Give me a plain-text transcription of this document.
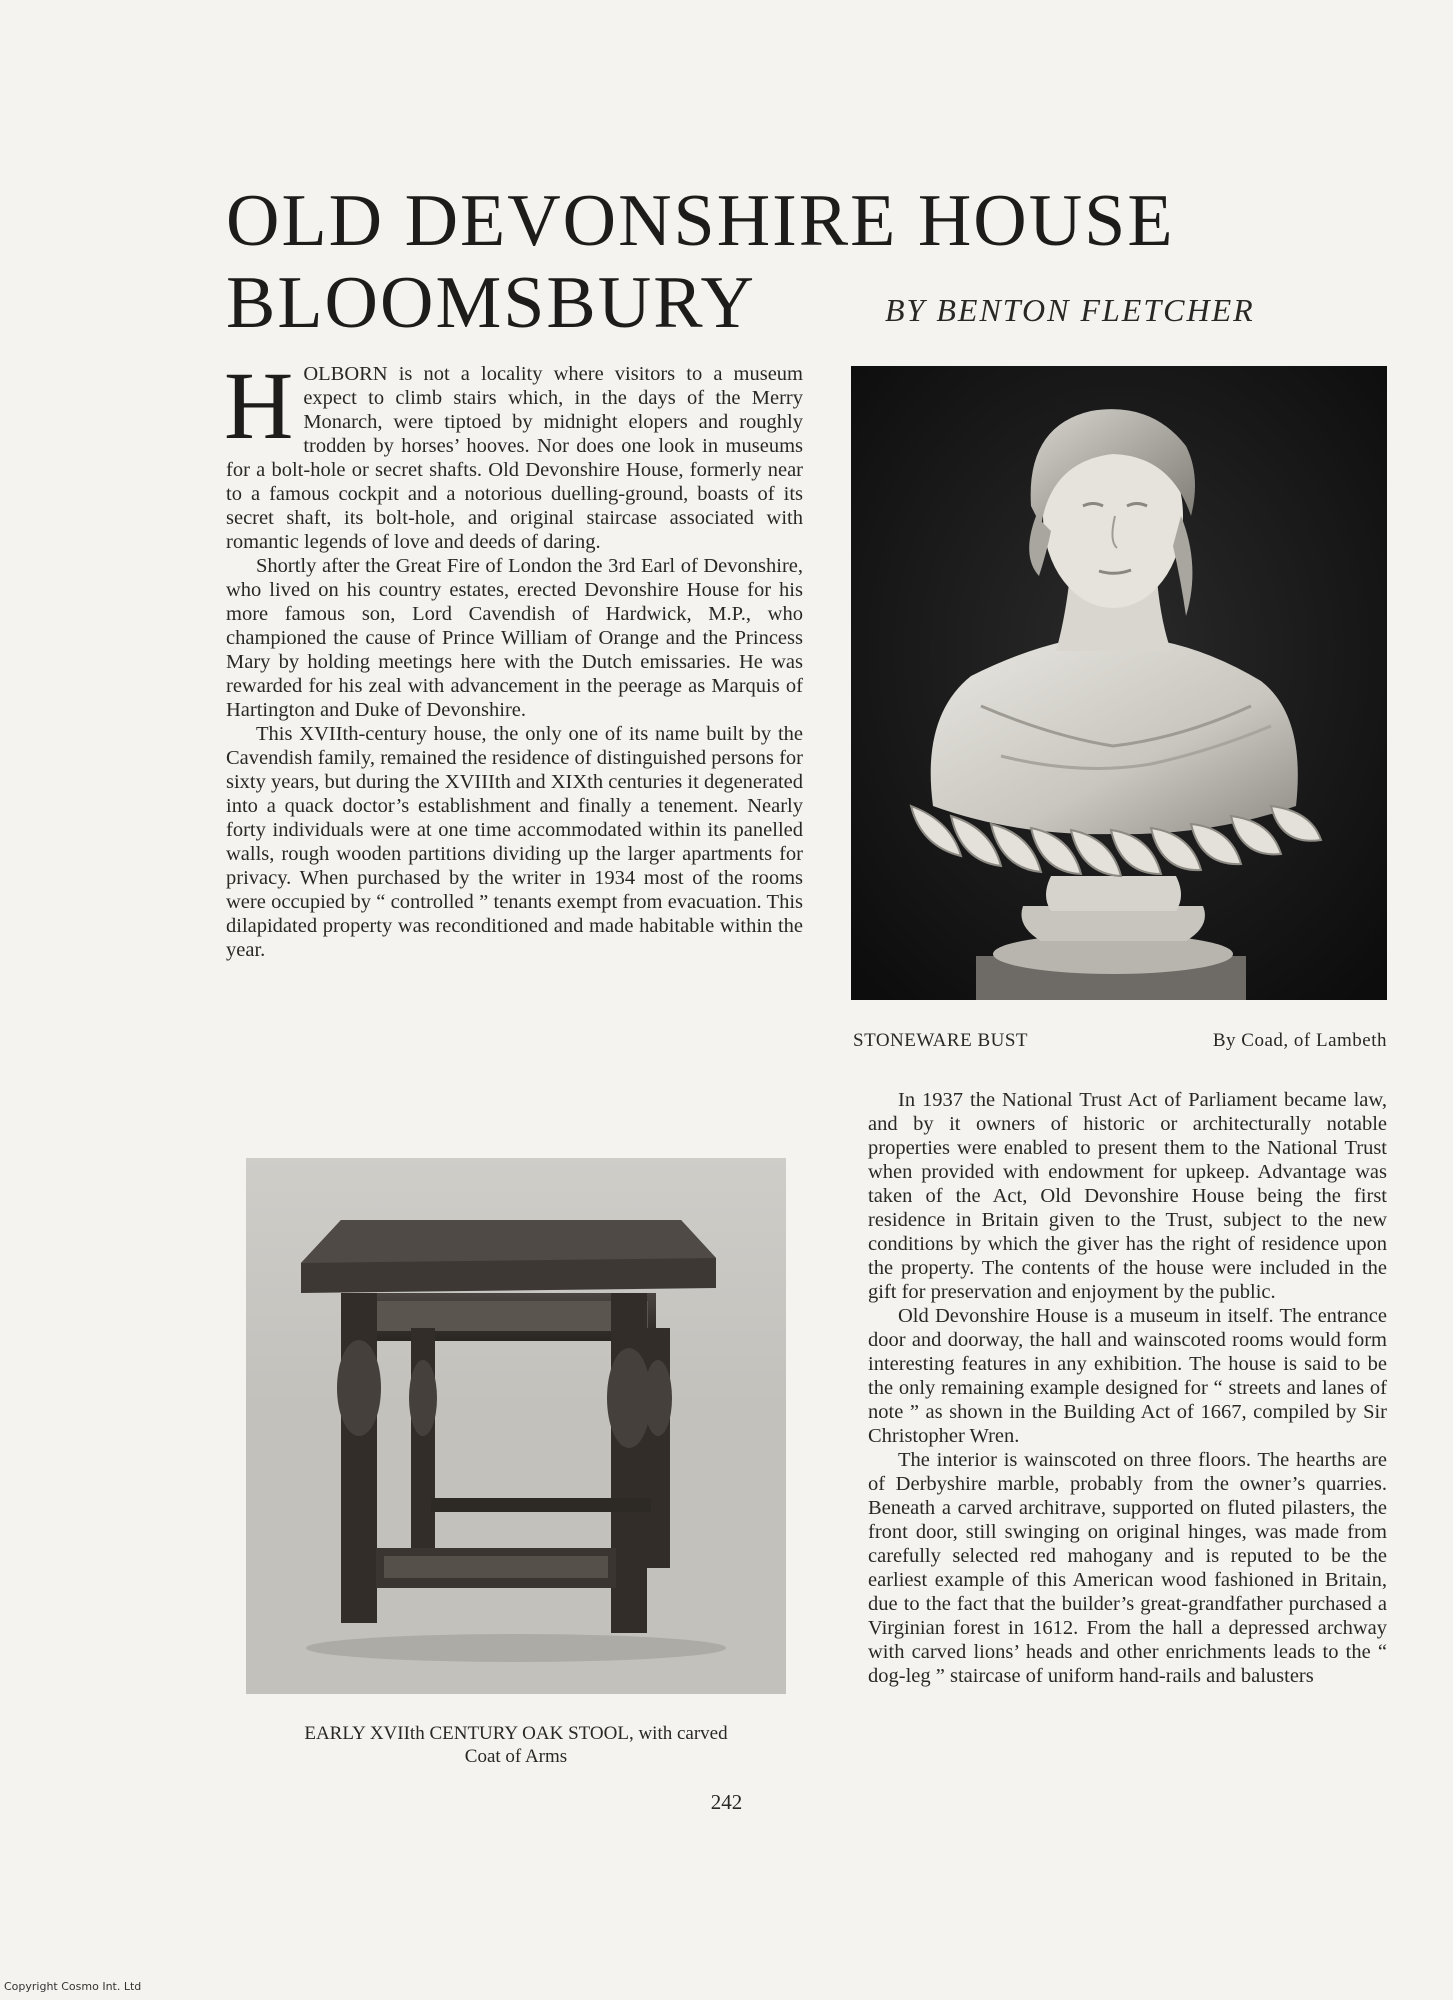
OLD DEVONSHIRE HOUSE
BLOOMSBURY	BY BENTON FLETCHER

HOLBORN is not a locality where visitors to a museum expect to climb stairs which, in the days of the Merry Monarch, were tiptoed by midnight elopers and roughly trodden by horses’ hooves. Nor does one look in museums for a bolt-hole or secret shafts. Old Devonshire House, formerly near to a famous cockpit and a notorious duelling-ground, boasts of its secret shaft, its bolt-hole, and original staircase associated with romantic legends of love and deeds of daring.

Shortly after the Great Fire of London the 3rd Earl of Devonshire, who lived on his country estates, erected Devonshire House for his more famous son, Lord Cavendish of Hardwick, M.P., who championed the cause of Prince William of Orange and the Princess Mary by holding meetings here with the Dutch emissaries. He was rewarded for his zeal with advancement in the peerage as Marquis of Hartington and Duke of Devonshire.

This XVIIth-century house, the only one of its name built by the Cavendish family, remained the residence of distinguished persons for sixty years, but during the XVIIIth and XIXth centuries it degenerated into a quack doctor’s establishment and finally a tenement. Nearly forty individuals were at one time accommodated within its panelled walls, rough wooden partitions dividing up the larger apartments for privacy. When purchased by the writer in 1934 most of the rooms were occupied by “ controlled ” tenants exempt from evacuation. This dilapidated property was reconditioned and made habitable within the year.

STONEWARE BUST	By Coad, of Lambeth
EARLY XVIIth CENTURY OAK STOOL, with carved
Coat of Arms

In 1937 the National Trust Act of Parliament became law, and by it owners of historic or architecturally notable properties were enabled to present them to the National Trust when provided with endowment for upkeep. Advantage was taken of the Act, Old Devonshire House being the first residence in Britain given to the Trust, subject to the new conditions by which the giver has the right of residence upon the property. The contents of the house were included in the gift for preservation and enjoyment by the public.

Old Devonshire House is a museum in itself. The entrance door and doorway, the hall and wainscoted rooms would form interesting features in any exhibition. The house is said to be the only remaining example designed for “ streets and lanes of note ” as shown in the Building Act of 1667, compiled by Sir Christopher Wren.

The interior is wainscoted on three floors. The hearths are of Derbyshire marble, probably from the owner’s quarries. Beneath a carved architrave, supported on fluted pilasters, the front door, still swinging on original hinges, was made from carefully selected red mahogany and is reputed to be the earliest example of this American wood fashioned in Britain, due to the fact that the builder’s great-grandfather purchased a Virginian forest in 1612. From the hall a depressed archway with carved lions’ heads and other enrichments leads to the “ dog-leg ” staircase of uniform hand-rails and balusters

242
Copyright Cosmo Int. Ltd
